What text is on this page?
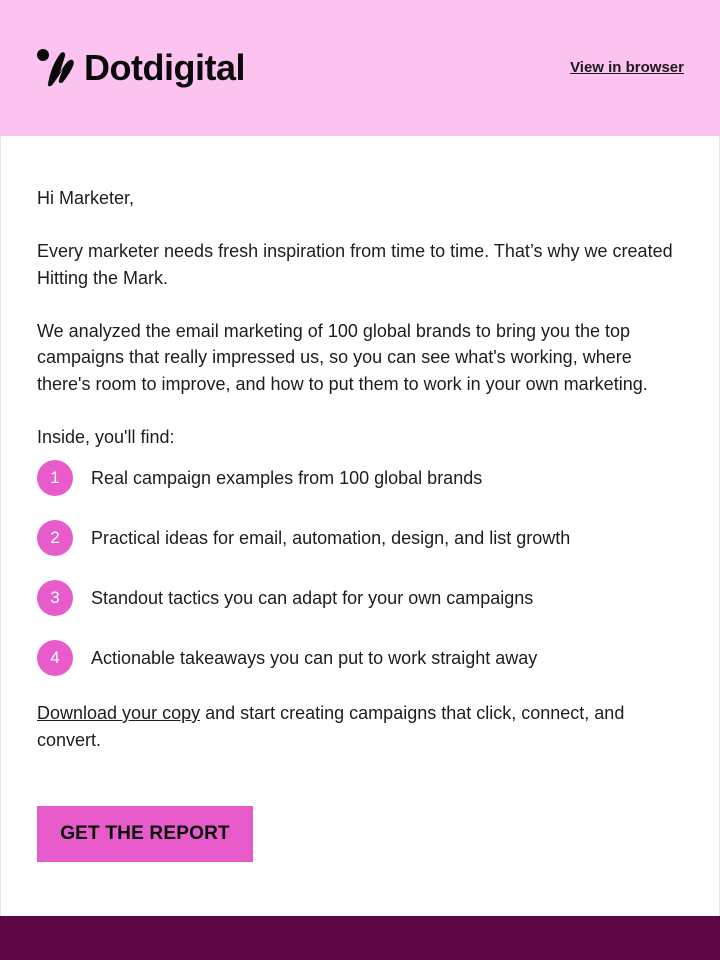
Dotdigital	View in browser

Hi Marketer,

Every marketer needs fresh inspiration from time to time. That’s why we created Hitting the Mark.

We analyzed the email marketing of 100 global brands to bring you the top campaigns that really impressed us, so you can see what's working, where there's room to improve, and how to put them to work in your own marketing.

Inside, you'll find:

1	Real campaign examples from 100 global brands
2	Practical ideas for email, automation, design, and list growth
3	Standout tactics you can adapt for your own campaigns
4	Actionable takeaways you can put to work straight away

Download your copy and start creating campaigns that click, connect, and convert.

GET THE REPORT
